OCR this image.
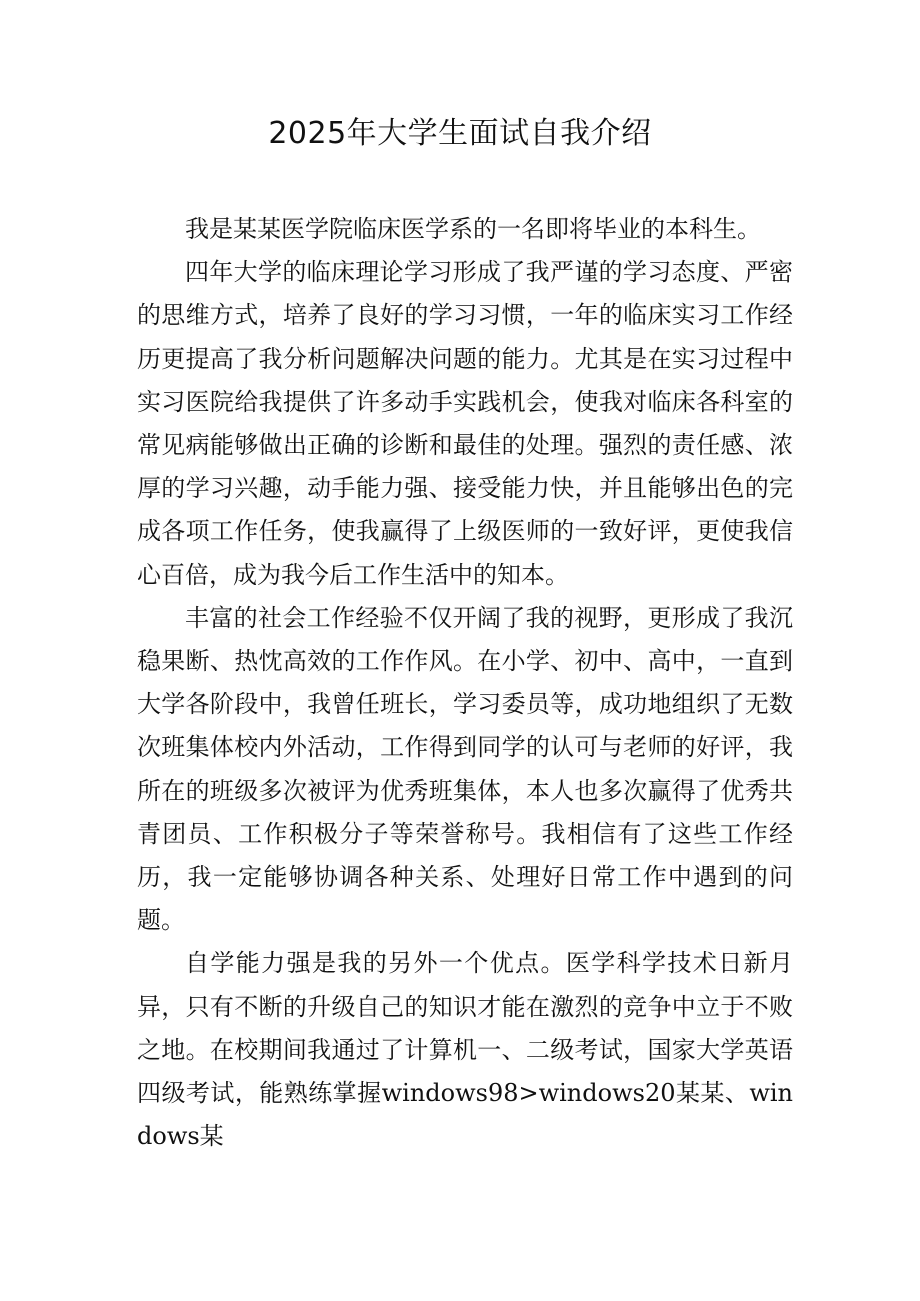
2025年大学生面试自我介绍

我是某某医学院临床医学系的一名即将毕业的本科生。

四年大学的临床理论学习形成了我严谨的学习态度、严密的思维方式，培养了良好的学习习惯，一年的临床实习工作经历更提高了我分析问题解决问题的能力。尤其是在实习过程中实习医院给我提供了许多动手实践机会，使我对临床各科室的常见病能够做出正确的诊断和最佳的处理。强烈的责任感、浓厚的学习兴趣，动手能力强、接受能力快，并且能够出色的完成各项工作任务，使我赢得了上级医师的一致好评，更使我信心百倍，成为我今后工作生活中的知本。

丰富的社会工作经验不仅开阔了我的视野，更形成了我沉稳果断、热忱高效的工作作风。在小学、初中、高中，一直到大学各阶段中，我曾任班长，学习委员等，成功地组织了无数次班集体校内外活动，工作得到同学的认可与老师的好评，我所在的班级多次被评为优秀班集体，本人也多次赢得了优秀共青团员、工作积极分子等荣誉称号。我相信有了这些工作经历，我一定能够协调各种关系、处理好日常工作中遇到的问题。

自学能力强是我的另外一个优点。医学科学技术日新月异，只有不断的升级自己的知识才能在激烈的竞争中立于不败之地。在校期间我通过了计算机一、二级考试，国家大学英语四级考试，能熟练掌握windows98>windows20某某、windows某
